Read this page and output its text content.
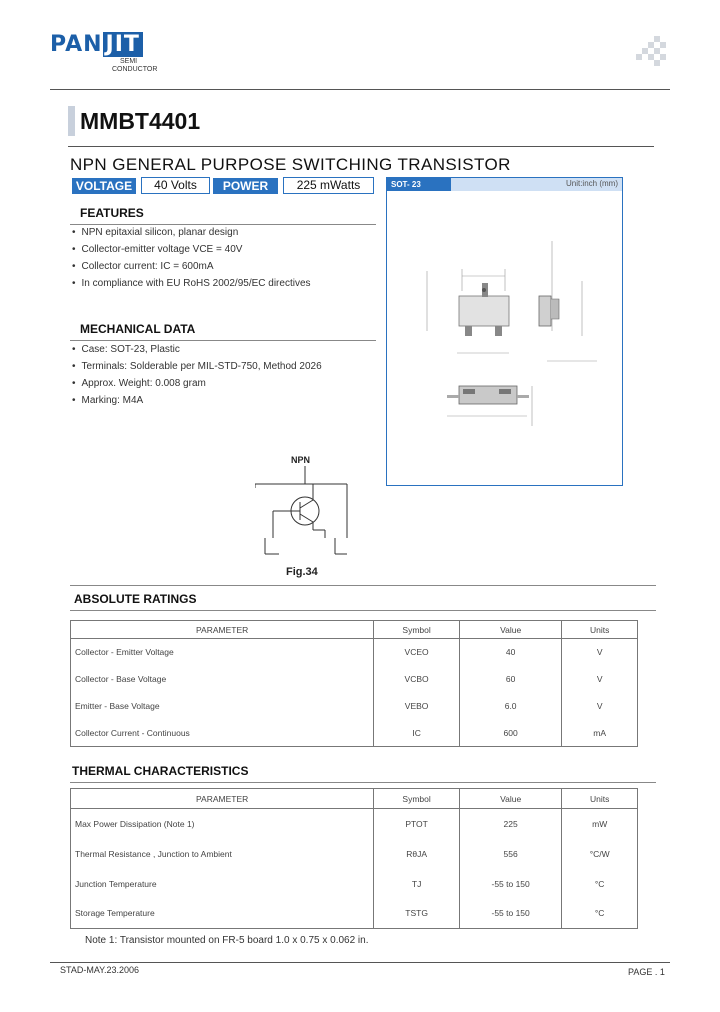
PAN JIT
SEMI
CONDUCTOR
MMBT4401
NPN GENERAL PURPOSE SWITCHING TRANSISTOR
VOLTAGE	40 Volts	POWER	225 mWatts
FEATURES
• NPN epitaxial silicon, planar design
• Collector-emitter voltage VCE = 40V
• Collector current: IC = 600mA
• In compliance with EU RoHS 2002/95/EC directives
MECHANICAL DATA
• Case: SOT-23, Plastic
• Terminals: Solderable per MIL-STD-750, Method 2026
• Approx. Weight: 0.008 gram
• Marking: M4A
SOT- 23	Unit:inch (mm)
NPN
Fig.34
ABSOLUTE RATINGS
PARAMETER	Symbol	Value	Units
Collector - Emitter Voltage	VCEO	40	V
Collector - Base Voltage	VCBO	60	V
Emitter - Base Voltage	VEBO	6.0	V
Collector Current - Continuous	IC	600	mA
THERMAL CHARACTERISTICS
PARAMETER	Symbol	Value	Units
Max Power Dissipation (Note 1)	PTOT	225	mW
Thermal Resistance , Junction to Ambient	RθJA	556	°C/W
Junction Temperature	TJ	-55 to 150	°C
Storage Temperature	TSTG	-55 to 150	°C
Note 1: Transistor mounted on FR-5 board 1.0 x 0.75 x 0.062 in.
STAD-MAY.23.2006	PAGE . 1
